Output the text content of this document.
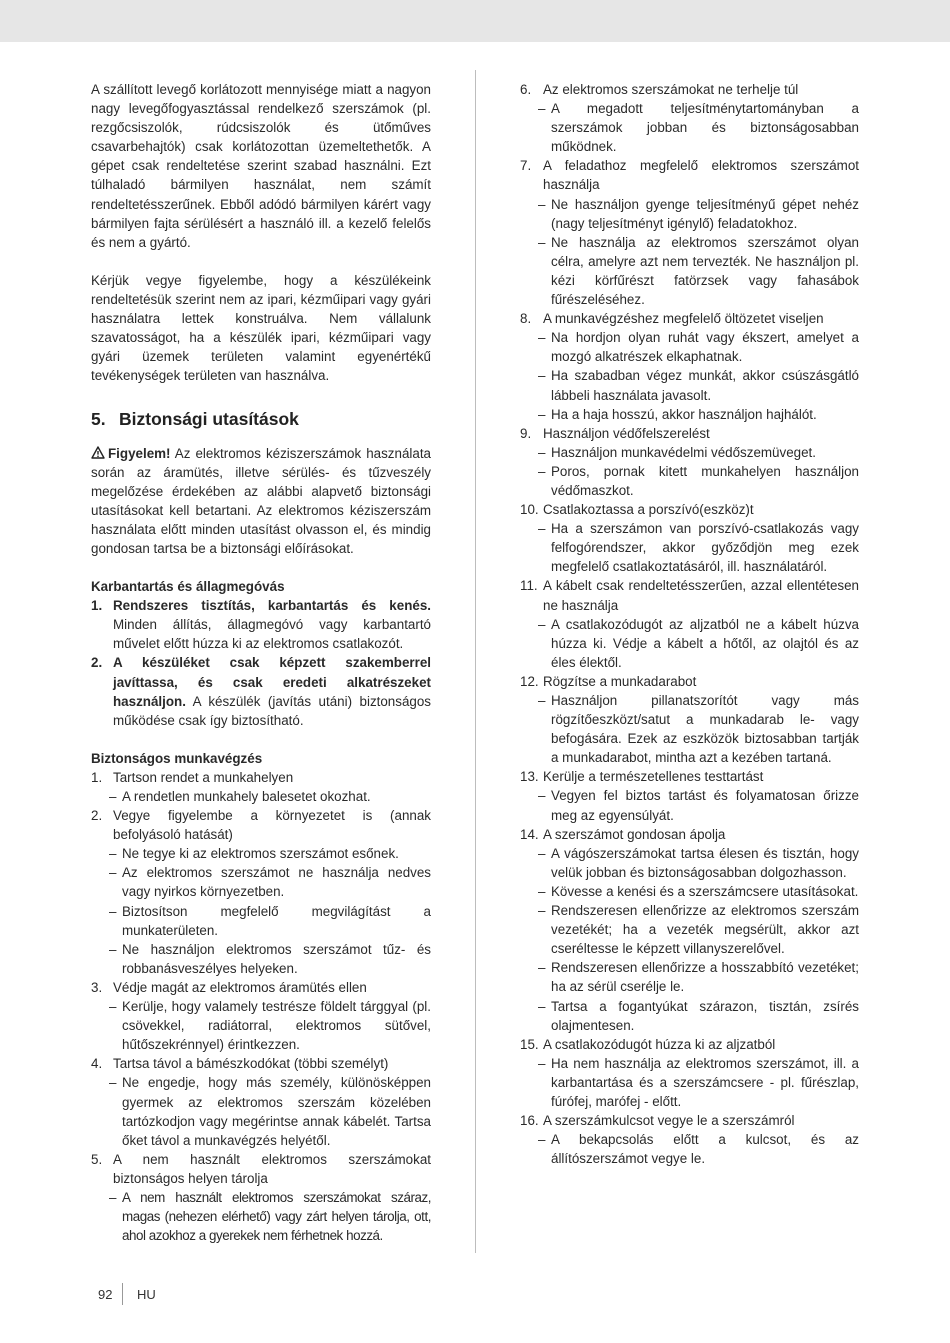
A szállított levegő korlátozott mennyisége miatt a nagyon nagy levegőfogyasztással rendelkező szerszámok (pl. rezgőcsiszolók, rúdcsiszolók és ütőműves csavarbehajtók) csak korlátozottan üzemeltethetők. A gépet csak rendeltetése szerint szabad használni. Ezt túlhaladó bármilyen használat, nem számít rendeltetésszerűnek. Ebből adódó bármilyen kárért vagy bármilyen fajta sérülésért a használó ill. a kezelő felelős és nem a gyártó.

Kérjük vegye figyelembe, hogy a készülékeink rendeltetésük szerint nem az ipari, kézműipari vagy gyári használatra lettek konstruálva. Nem vállalunk szavatosságot, ha a készülék ipari, kézműipari vagy gyári üzemek területen valamint egyenértékű tevékenységek területen van használva.

5. Biztonsági utasítások

Figyelem! Az elektromos kéziszerszámok használata során az áramütés, illetve sérülés- és tűzveszély megelőzése érdekében az alábbi alapvető biztonsági utasításokat kell betartani. Az elektromos kéziszerszám használata előtt minden utasítást olvasson el, és mindig gondosan tartsa be a biztonsági előírásokat.

Karbantartás és állagmegóvás

1. Rendszeres tisztítás, karbantartás és kenés. Minden állítás, állagmegóvó vagy karbantartó művelet előtt húzza ki az elektromos csatlakozót.
2. A készüléket csak képzett szakemberrel javíttassa, és csak eredeti alkatrészeket használjon. A készülék (javítás utáni) biztonságos működése csak így biztosítható.

Biztonságos munkavégzés

1. Tartson rendet a munkahelyen
– A rendetlen munkahely balesetet okozhat.
2. Vegye figyelembe a környezetet is (annak befolyásoló hatását)
– Ne tegye ki az elektromos szerszámot esőnek.
– Az elektromos szerszámot ne használja nedves vagy nyirkos környezetben.
– Biztosítson megfelelő megvilágítást a munkaterületen.
– Ne használjon elektromos szerszámot tűz- és robbanásveszélyes helyeken.
3. Védje magát az elektromos áramütés ellen
– Kerülje, hogy valamely testrésze földelt tárggyal (pl. csövekkel, radiátorral, elektromos sütővel, hűtőszekrénnyel) érintkezzen.
4. Tartsa távol a bámészkodókat (többi személyt)
– Ne engedje, hogy más személy, különösképpen gyermek az elektromos szerszám közelében tartózkodjon vagy megérintse annak kábelét. Tartsa őket távol a munkavégzés helyétől.
5. A nem használt elektromos szerszámokat biztonságos helyen tárolja
– A nem használt elektromos szerszámokat száraz, magas (nehezen elérhető) vagy zárt helyen tárolja, ott, ahol azokhoz a gyerekek nem férhetnek hozzá.
6. Az elektromos szerszámokat ne terhelje túl
– A megadott teljesítménytartományban a szerszámok jobban és biztonságosabban működnek.
7. A feladathoz megfelelő elektromos szerszámot használja
– Ne használjon gyenge teljesítményű gépet nehéz (nagy teljesítményt igénylő) feladatokhoz.
– Ne használja az elektromos szerszámot olyan célra, amelyre azt nem tervezték. Ne használjon pl. kézi körfűrészt fatörzsek vagy fahasábok fűrészeléséhez.
8. A munkavégzéshez megfelelő öltözetet viseljen
– Na hordjon olyan ruhát vagy ékszert, amelyet a mozgó alkatrészek elkaphatnak.
– Ha szabadban végez munkát, akkor csúszásgátló lábbeli használata javasolt.
– Ha a haja hosszú, akkor használjon hajhálót.
9. Használjon védőfelszerelést
– Használjon munkavédelmi védőszemüveget.
– Poros, pornak kitett munkahelyen használjon védőmaszkot.
10. Csatlakoztassa a porszívó(eszköz)t
– Ha a szerszámon van porszívó-csatlakozás vagy felfogórendszer, akkor győződjön meg ezek megfelelő csatlakoztatásáról, ill. használatáról.
11. A kábelt csak rendeltetésszerűen, azzal ellentétesen ne használja
– A csatlakozódugót az aljzatból ne a kábelt húzva húzza ki. Védje a kábelt a hőtől, az olajtól és az éles élektől.
12. Rögzítse a munkadarabot
– Használjon pillanatszorítót vagy más rögzítőeszközt/satut a munkadarab le- vagy befogására. Ezek az eszközök biztosabban tartják a munkadarabot, mintha azt a kezében tartaná.
13. Kerülje a természetellenes testtartást
– Vegyen fel biztos tartást és folyamatosan őrizze meg az egyensúlyát.
14. A szerszámot gondosan ápolja
– A vágószerszámokat tartsa élesen és tisztán, hogy velük jobban és biztonságosabban dolgozhasson.
– Kövesse a kenési és a szerszámcsere utasításokat.
– Rendszeresen ellenőrizze az elektromos szerszám vezetékét; ha a vezeték megsérült, akkor azt cseréltesse le képzett villanyszerelővel.
– Rendszeresen ellenőrizze a hosszabbító vezetéket; ha az sérül cserélje le.
– Tartsa a fogantyúkat szárazon, tisztán, zsírés olajmentesen.
15. A csatlakozódugót húzza ki az aljzatból
– Ha nem használja az elektromos szerszámot, ill. a karbantartása és a szerszámcsere - pl. fűrészlap, fúrófej, marófej - előtt.
16. A szerszámkulcsot vegye le a szerszámról
– A bekapcsolás előtt a kulcsot, és az állítószerszámot vegye le.
92	HU
